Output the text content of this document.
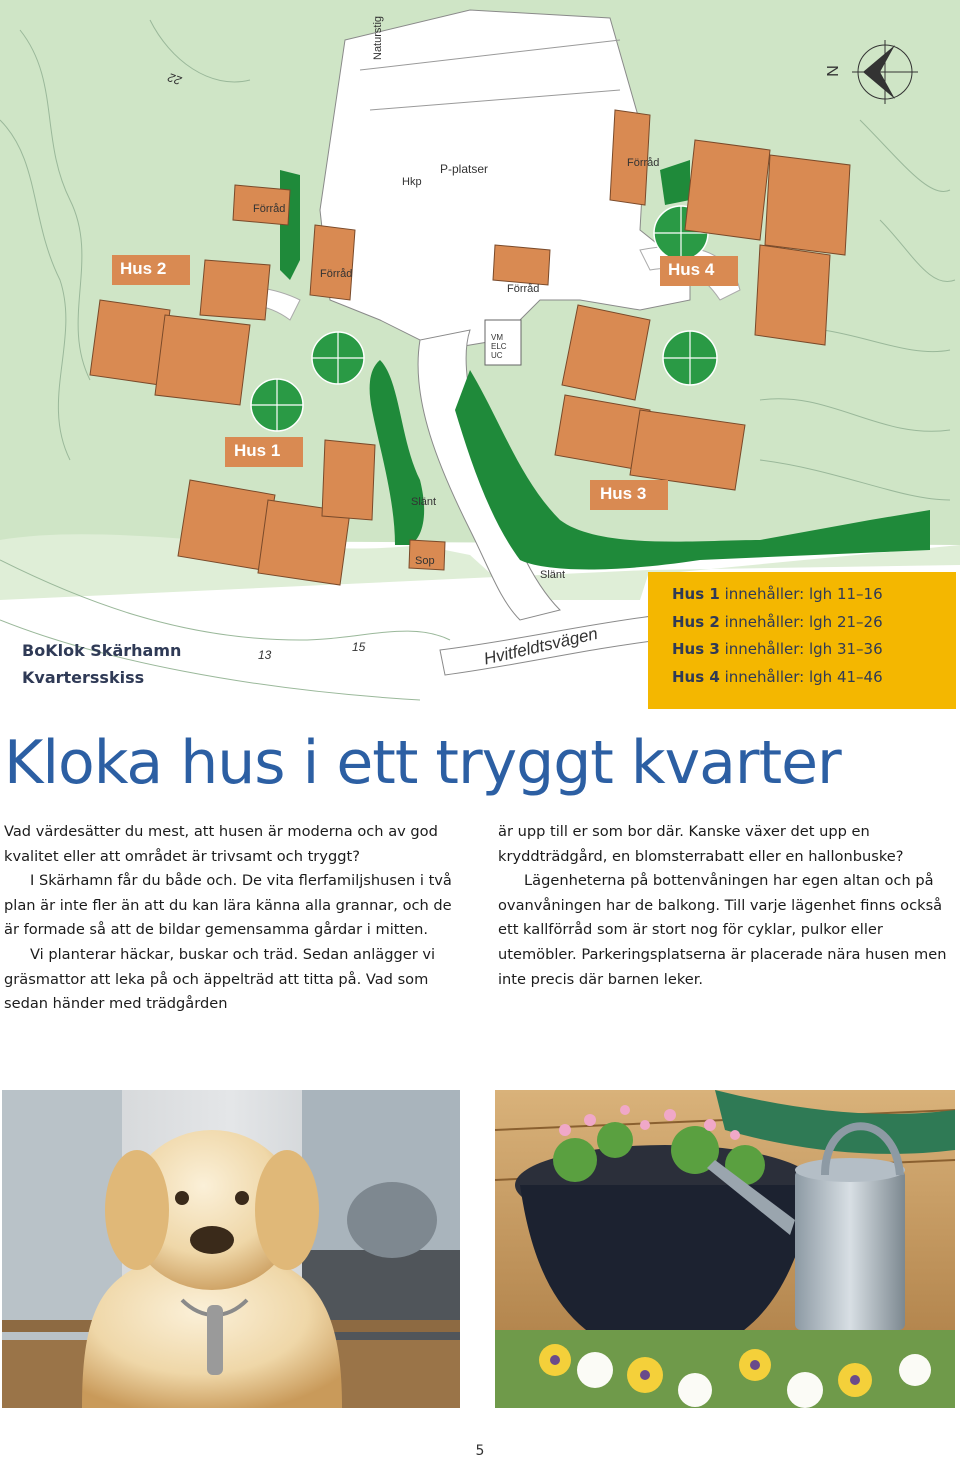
Naturstig
N
Hkp
P-platser
Förråd
Förråd
Förråd
Förråd
VM
ELC
UC
Hus 2
Hus 1
Hus 3
Hus 4
Slänt
Slänt
Sop
Hvitfeldtsvägen
13
15
22
BoKlok Skärhamn
Kvartersskiss
Hus 1 innehåller: lgh 11–16
Hus 2 innehåller: lgh 21–26
Hus 3 innehåller: lgh 31–36
Hus 4 innehåller: lgh 41–46
Kloka hus i ett tryggt kvarter

Vad värdesätter du mest, att husen är moderna och av god kvalitet eller att området är trivsamt och tryggt?

I Skärhamn får du både och. De vita flerfamiljshusen i två plan är inte fler än att du kan lära känna alla grannar, och de är formade så att de bildar gemensamma gårdar i mitten.

Vi planterar häckar, buskar och träd. Sedan anlägger vi gräsmattor att leka på och äppelträd att titta på. Vad som sedan händer med trädgården

är upp till er som bor där. Kanske växer det upp en kryddträdgård, en blomsterrabatt eller en hallonbuske?

Lägenheterna på bottenvåningen har egen altan och på ovanvåningen har de balkong. Till varje lägenhet finns också ett kallförråd som är stort nog för cyklar, pulkor eller utemöbler. Parkeringsplatserna är placerade nära husen men inte precis där barnen leker.

5
